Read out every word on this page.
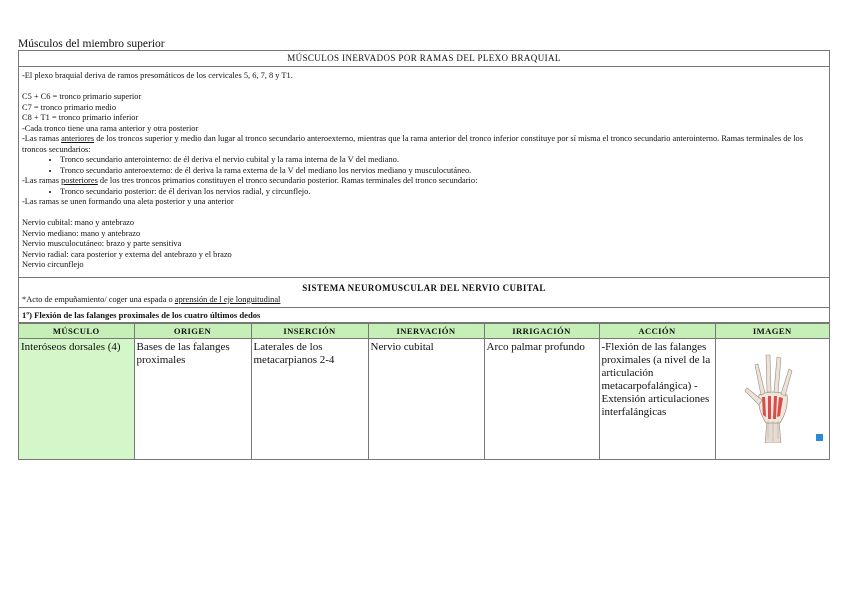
Músculos del miembro superior
MÚSCULOS INERVADOS POR RAMAS DEL PLEXO BRAQUIAL

-El plexo braquial deriva de ramos presomáticos de los cervicales 5, 6, 7, 8 y T1.

C5 + C6 = tronco primario superior

C7 = tronco primario medio

C8 + T1 = tronco primario inferior

-Cada tronco tiene una rama anterior y otra posterior

-Las ramas anteriores de los troncos superior y medio dan lugar al tronco secundario anteroexterno, mientras que la rama anterior del tronco inferior constituye por sí misma el tronco secundario anterointerno. Ramas terminales de los troncos secundarios:

• Tronco secundario anterointerno: de él deriva el nervio cubital y la rama interna de la V del mediano.
• Tronco secundario anteroexterno: de él deriva la rama externa de la V del mediano los nervios mediano y musculocutáneo.

-Las ramas posteriores de los tres troncos primarios constituyen el tronco secundario posterior. Ramas terminales del tronco secundario:

• Tronco secundario posterior: de él derivan los nervios radial, y circunflejo.

-Las ramas se unen formando una aleta posterior y una anterior

Nervio cubital: mano y antebrazo

Nervio mediano: mano y antebrazo

Nervio musculocutáneo: brazo y parte sensitiva

Nervio radial: cara posterior y externa del antebrazo y el brazo

Nervio circunflejo

SISTEMA NEUROMUSCULAR DEL NERVIO CUBITAL
*Acto de empuñamiento/ coger una espada o aprensión de l eje longuitudinal
1º) Flexión de las falanges proximales de los cuatro últimos dedos
MÚSCULO	ORIGEN	INSERCIÓN	INERVACIÓN	IRRIGACIÓN	ACCIÓN	IMAGEN
Interóseos dorsales (4)	Bases de las falanges proximales	Laterales de los metacarpianos 2-4	Nervio cubital	Arco palmar profundo	-Flexión de las falanges proximales (a nivel de la articulación metacarpofalángica) -Extensión articulaciones interfalángicas	
